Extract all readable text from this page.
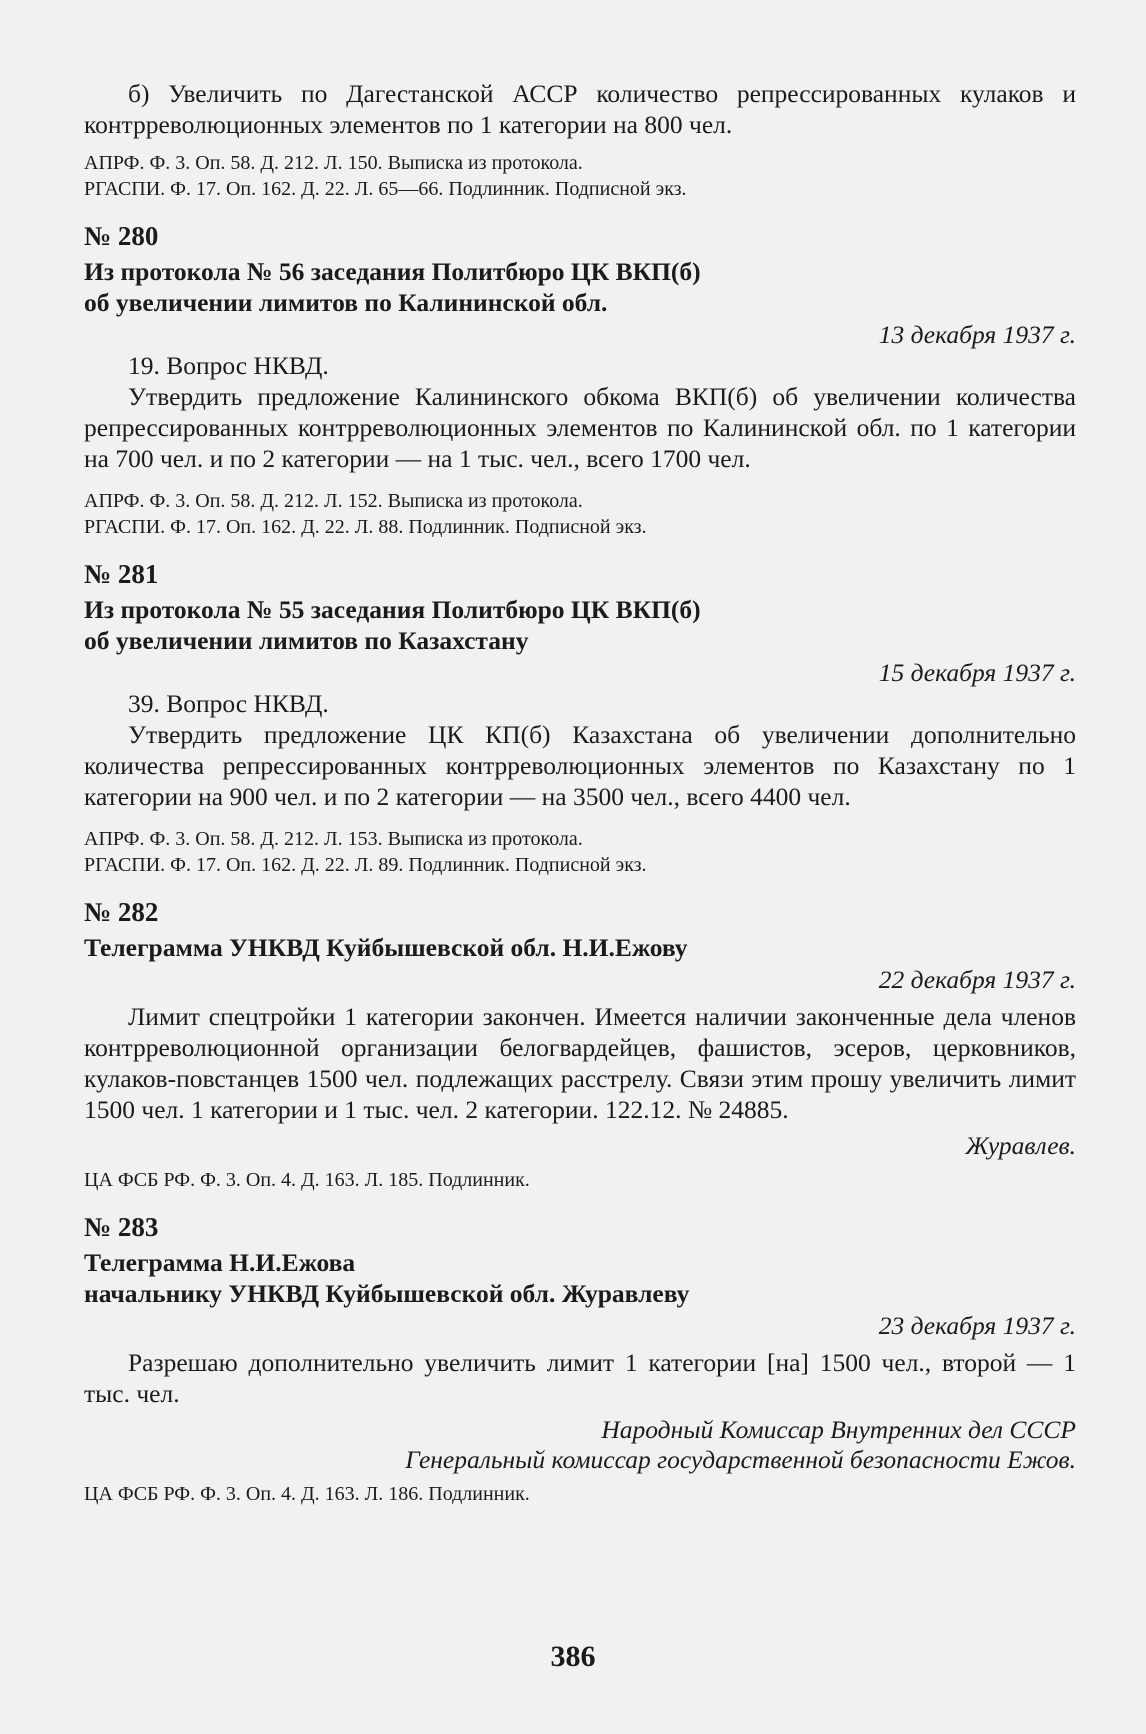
б) Увеличить по Дагестанской АССР количество репрессированных кулаков и контрреволюционных элементов по 1 категории на 800 чел.

АПРФ. Ф. 3. Оп. 58. Д. 212. Л. 150. Выписка из протокола.

РГАСПИ. Ф. 17. Оп. 162. Д. 22. Л. 65—66. Подлинник. Подписной экз.

№ 280

Из протокола № 56 заседания Политбюро ЦК ВКП(б)

об увеличении лимитов по Калининской обл.

13 декабря 1937 г.

19. Вопрос НКВД.

Утвердить предложение Калининского обкома ВКП(б) об увеличении количества репрессированных контрреволюционных элементов по Калининской обл. по 1 категории на 700 чел. и по 2 категории — на 1 тыс. чел., всего 1700 чел.

АПРФ. Ф. 3. Оп. 58. Д. 212. Л. 152. Выписка из протокола.

РГАСПИ. Ф. 17. Оп. 162. Д. 22. Л. 88. Подлинник. Подписной экз.

№ 281

Из протокола № 55 заседания Политбюро ЦК ВКП(б)

об увеличении лимитов по Казахстану

15 декабря 1937 г.

39. Вопрос НКВД.

Утвердить предложение ЦК КП(б) Казахстана об увеличении дополнительно количества репрессированных контрреволюционных элементов по Казахстану по 1 категории на 900 чел. и по 2 категории — на 3500 чел., всего 4400 чел.

АПРФ. Ф. 3. Оп. 58. Д. 212. Л. 153. Выписка из протокола.

РГАСПИ. Ф. 17. Оп. 162. Д. 22. Л. 89. Подлинник. Подписной экз.

№ 282

Телеграмма УНКВД Куйбышевской обл. Н.И.Ежову

22 декабря 1937 г.

Лимит спецтройки 1 категории закончен. Имеется наличии законченные дела членов контрреволюционной организации белогвардейцев, фашистов, эсеров, церковников, кулаков-повстанцев 1500 чел. подлежащих расстрелу. Связи этим прошу увеличить лимит 1500 чел. 1 категории и 1 тыс. чел. 2 категории. 122.12. № 24885.

Журавлев.

ЦА ФСБ РФ. Ф. 3. Оп. 4. Д. 163. Л. 185. Подлинник.

№ 283

Телеграмма Н.И.Ежова

начальнику УНКВД Куйбышевской обл. Журавлеву

23 декабря 1937 г.

Разрешаю дополнительно увеличить лимит 1 категории [на] 1500 чел., второй — 1 тыс. чел.

Народный Комиссар Внутренних дел СССР

Генеральный комиссар государственной безопасности Ежов.

ЦА ФСБ РФ. Ф. 3. Оп. 4. Д. 163. Л. 186. Подлинник.

386
